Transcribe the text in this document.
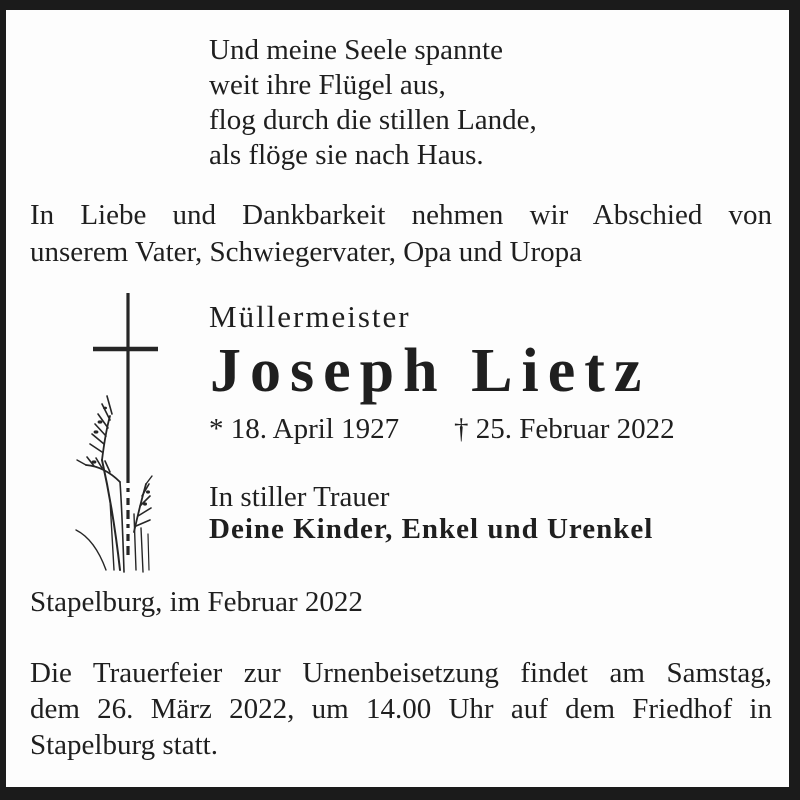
Und meine Seele spannte
weit ihre Flügel aus,
flog durch die stillen Lande,
als flöge sie nach Haus.
In Liebe und Dankbarkeit nehmen wir Abschied von
unserem Vater, Schwiegervater, Opa und Uropa
Müllermeister
Joseph Lietz
* 18. April 1927 † 25. Februar 2022
In stiller Trauer
Deine Kinder, Enkel und Urenkel
Stapelburg, im Februar 2022
Die Trauerfeier zur Urnenbeisetzung findet am Samstag,
dem 26. März 2022, um 14.00 Uhr auf dem Friedhof in
Stapelburg statt.
